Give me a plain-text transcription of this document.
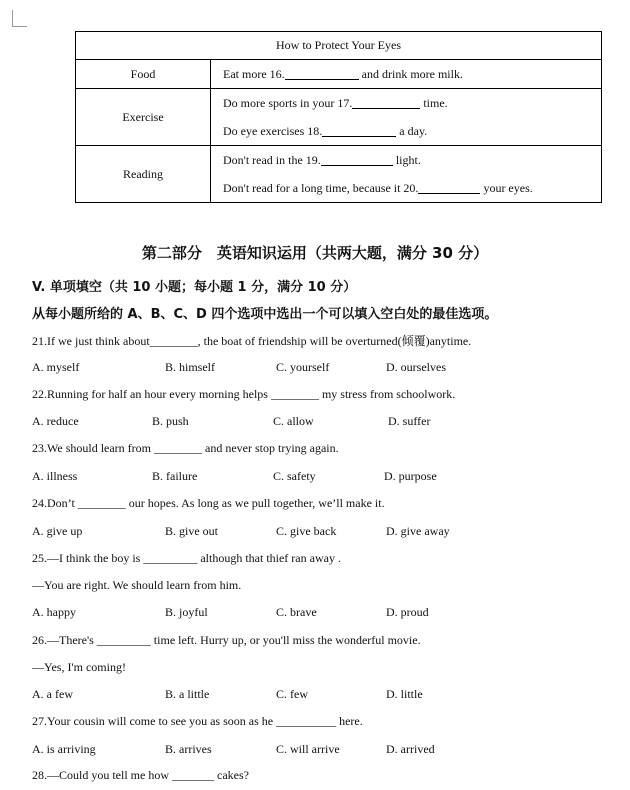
How to Protect Your Eyes	
Food	Eat more 16. and drink more milk.

Exercise	Do more sports in your 17. time.
Do eye exercises 18. a day.

Reading	Don't read in the 19. light.
Don't read for a long time, because it 20. your eyes.
第二部分　英语知识运用（共两大题，满分 30 分）
V. 单项填空（共 10 小题；每小题 1 分，满分 10 分）
从每小题所给的 A、B、C、D 四个选项中选出一个可以填入空白处的最佳选项。
21.If we just think about________, the boat of friendship will be overturned(倾覆)anytime.
A. myself	B. himself	C. yourself	D. ourselves
22.Running for half an hour every morning helps ________ my stress from schoolwork.
A. reduce	B. push	C. allow	D. suffer
23.We should learn from ________ and never stop trying again.
A. illness	B. failure	C. safety	D. purpose
24.Don’t ________ our hopes. As long as we pull together, we’ll make it.
A. give up	B. give out	C. give back	D. give away
25.—I think the boy is _________ although that thief ran away .
—You are right. We should learn from him.
A. happy	B. joyful	C. brave	D. proud
26.—There's _________ time left. Hurry up, or you'll miss the wonderful movie.
—Yes, I'm coming!
A. a few	B. a little	C. few	D. little
27.Your cousin will come to see you as soon as he __________ here.
A. is arriving	B. arrives	C. will arrive	D. arrived
28.—Could you tell me how _______ cakes?
